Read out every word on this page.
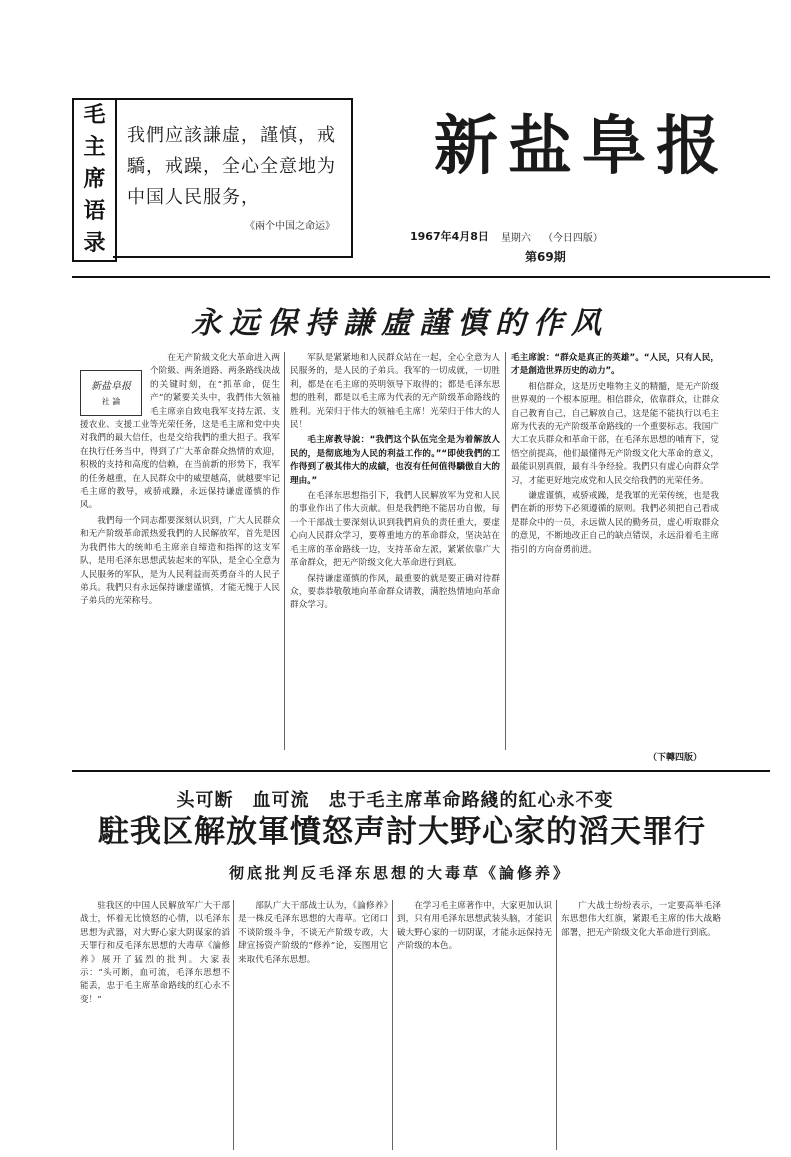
毛
主
席
语
录

我們应該謙虛，謹慎，戒驕，戒躁，全心全意地为中国人民服务，

《兩个中国之命运》
新盐阜报
1967年4月8日 星期六 （今日四版）
第69期
永远保持謙虛謹慎的作风
新盐阜报
社 論

在无产阶級文化大革命进入两个阶級、两条道路、两条路线决战的关键时刻，在“抓革命，促生产”的紧要关头中，我們伟大领袖毛主席亲自致电我军支持左派、支援农业、支援工业等光荣任务，这是毛主席和党中央对我們的最大信任，也是交给我們的重大担子。我军在执行任务当中，得到了广大革命群众热情的欢迎，积极的支持和高度的信赖，在当前新的形势下，我军的任务越重，在人民群众中的威望越高，就越要牢记毛主席的教导，戒骄戒躁，永远保持谦虚谨慎的作风。

我們每一个同志都要深刻认识到，广大人民群众和无产阶级革命派热爱我們的人民解放军，首先是因为我們伟大的统帅毛主席亲自缔造和指挥的这支军队，是用毛泽东思想武装起来的军队，是全心全意为人民服务的军队，是为人民利益而英勇奋斗的人民子弟兵。我們只有永远保持谦虚谨慎，才能无愧于人民子弟兵的光荣称号。

军队是紧紧地和人民群众站在一起，全心全意为人民服务的，是人民的子弟兵。我军的一切成就，一切胜利，都是在毛主席的英明领导下取得的；都是毛泽东思想的胜利，都是以毛主席为代表的无产阶级革命路线的胜利。光荣归于伟大的领袖毛主席！光荣归于伟大的人民！

毛主席教导說：“我們这个队伍完全是为着解放人民的，是彻底地为人民的利益工作的。”“即使我們的工作得到了极其伟大的成績，也沒有任何值得驕傲自大的理由。”

在毛泽东思想指引下，我們人民解放军为党和人民的事业作出了伟大贡献。但是我們绝不能居功自傲，每一个干部战士要深刻认识到我們肩负的责任重大，要虚心向人民群众学习，要尊重地方的革命群众，坚决站在毛主席的革命路线一边，支持革命左派，紧紧依靠广大革命群众，把无产阶级文化大革命进行到底。

保持谦虚谨慎的作风，最重要的就是要正确对待群众，要恭恭敬敬地向革命群众请教，满腔热情地向革命群众学习。

毛主席說：“群众是真正的英雄”。“人民，只有人民，才是創造世界历史的动力”。

相信群众，这是历史唯物主义的精髓，是无产阶级世界观的一个根本原理。相信群众，依靠群众，让群众自己教育自己，自己解放自己，这是能不能执行以毛主席为代表的无产阶级革命路线的一个重要标志。我国广大工农兵群众和革命干部，在毛泽东思想的哺育下，觉悟空前提高，他们最懂得无产阶级文化大革命的意义，最能识别真假，最有斗争经验。我們只有虚心向群众学习，才能更好地完成党和人民交给我們的光荣任务。

谦虚谨慎，戒骄戒躁，是我軍的光荣传统，也是我們在新的形势下必须遵循的原则。我們必须把自己看成是群众中的一员，永远做人民的勤务员，虚心听取群众的意见，不断地改正自己的缺点错误，永远沿着毛主席指引的方向奋勇前进。

（下轉四版）
头可断　血可流　忠于毛主席革命路綫的紅心永不变
駐我区解放軍憤怒声討大野心家的滔天罪行
彻底批判反毛泽东思想的大毒草《論修养》

驻我区的中国人民解放军广大干部战士，怀着无比愤怒的心情，以毛泽东思想为武器，对大野心家大阴谋家的滔天罪行和反毛泽东思想的大毒草《論修养》展开了猛烈的批判。大家表示：“头可断，血可流，毛泽东思想不能丢，忠于毛主席革命路线的红心永不变！”

部队广大干部战士认为，《論修养》是一株反毛泽东思想的大毒草。它闭口不谈阶级斗争，不谈无产阶级专政，大肆宣扬资产阶级的“修养”论，妄图用它来取代毛泽东思想。

在学习毛主席著作中，大家更加认识到，只有用毛泽东思想武装头脑，才能识破大野心家的一切阴谋，才能永远保持无产阶级的本色。

广大战士纷纷表示，一定要高举毛泽东思想伟大红旗，紧跟毛主席的伟大战略部署，把无产阶级文化大革命进行到底。
